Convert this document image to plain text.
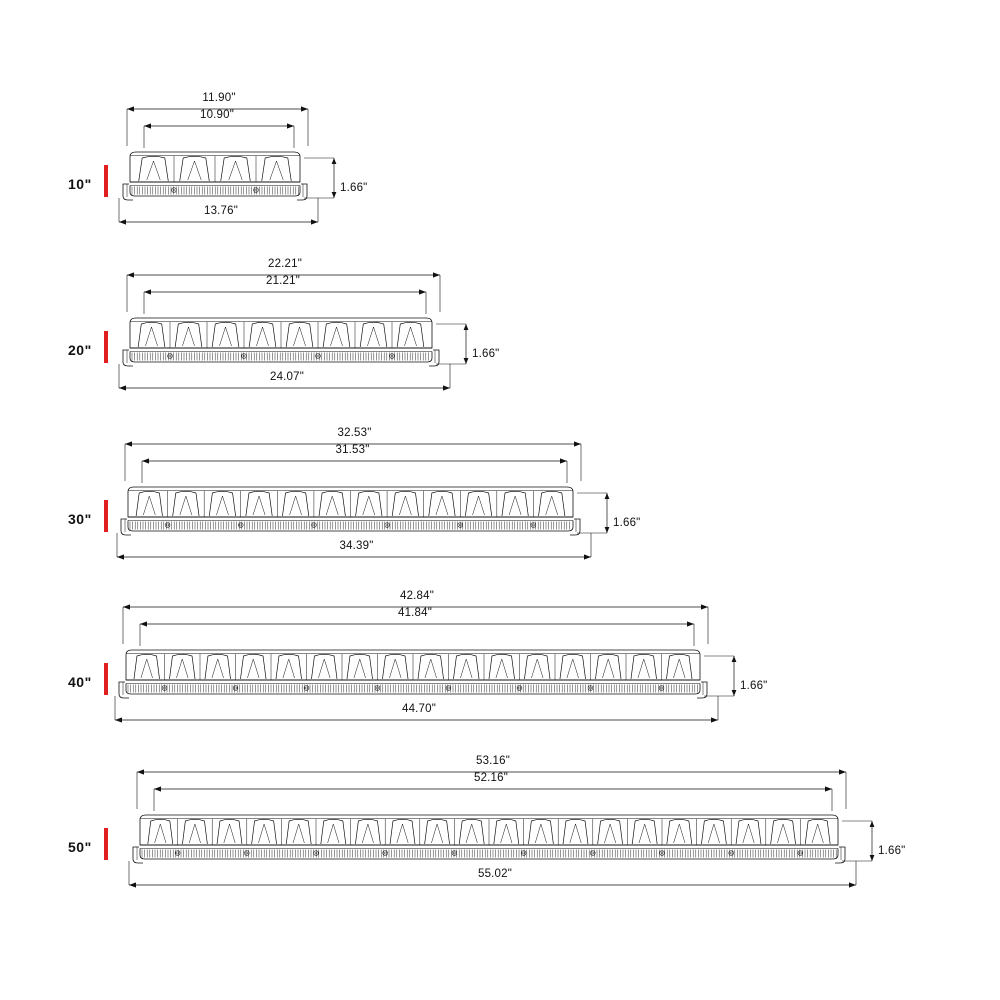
11.90"
10.90"
13.76"
1.66"
10"
22.21"
21.21"
24.07"
1.66"
20"
32.53"
31.53"
34.39"
1.66"
30"
42.84"
41.84"
44.70"
1.66"
40"
53.16"
52.16"
55.02"
1.66"
50"
